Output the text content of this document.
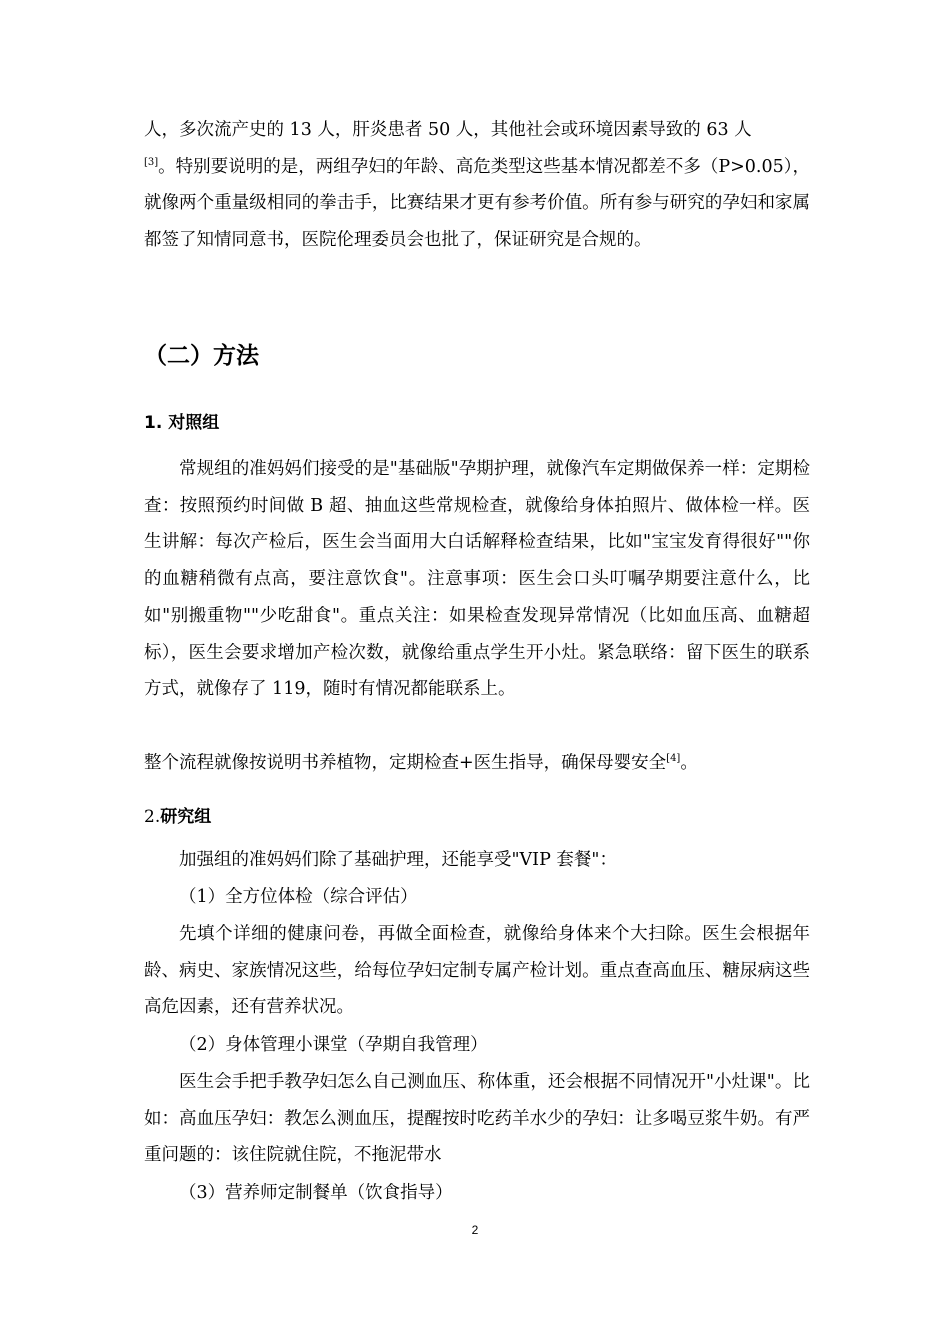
人，多次流产史的 13 人，肝炎患者 50 人，其他社会或环境因素导致的 63 人
[3]。特别要说明的是，两组孕妇的年龄、高危类型这些基本情况都差不多（P>0.05），就像两个重量级相同的拳击手，比赛结果才更有参考价值。所有参与研究的孕妇和家属都签了知情同意书，医院伦理委员会也批了，保证研究是合规的。

（二）方法
1. 对照组

常规组的准妈妈们接受的是"基础版"孕期护理，就像汽车定期做保养一样：定期检查：按照预约时间做 B 超、抽血这些常规检查，就像给身体拍照片、做体检一样。医生讲解：每次产检后，医生会当面用大白话解释检查结果，比如"宝宝发育得很好""你的血糖稍微有点高，要注意饮食"。注意事项：医生会口头叮嘱孕期要注意什么，比如"别搬重物""少吃甜食"。重点关注：如果检查发现异常情况（比如血压高、血糖超标），医生会要求增加产检次数，就像给重点学生开小灶。紧急联络：留下医生的联系方式，就像存了 119，随时有情况都能联系上。

整个流程就像按说明书养植物，定期检查+医生指导，确保母婴安全[4]。

2.研究组

加强组的准妈妈们除了基础护理，还能享受"VIP 套餐"：

（1）全方位体检（综合评估）

先填个详细的健康问卷，再做全面检查，就像给身体来个大扫除。医生会根据年龄、病史、家族情况这些，给每位孕妇定制专属产检计划。重点查高血压、糖尿病这些高危因素，还有营养状况。

（2）身体管理小课堂（孕期自我管理）

医生会手把手教孕妇怎么自己测血压、称体重，还会根据不同情况开"小灶课"。比如：高血压孕妇：教怎么测血压，提醒按时吃药羊水少的孕妇：让多喝豆浆牛奶。有严重问题的：该住院就住院，不拖泥带水

（3）营养师定制餐单（饮食指导）

2
